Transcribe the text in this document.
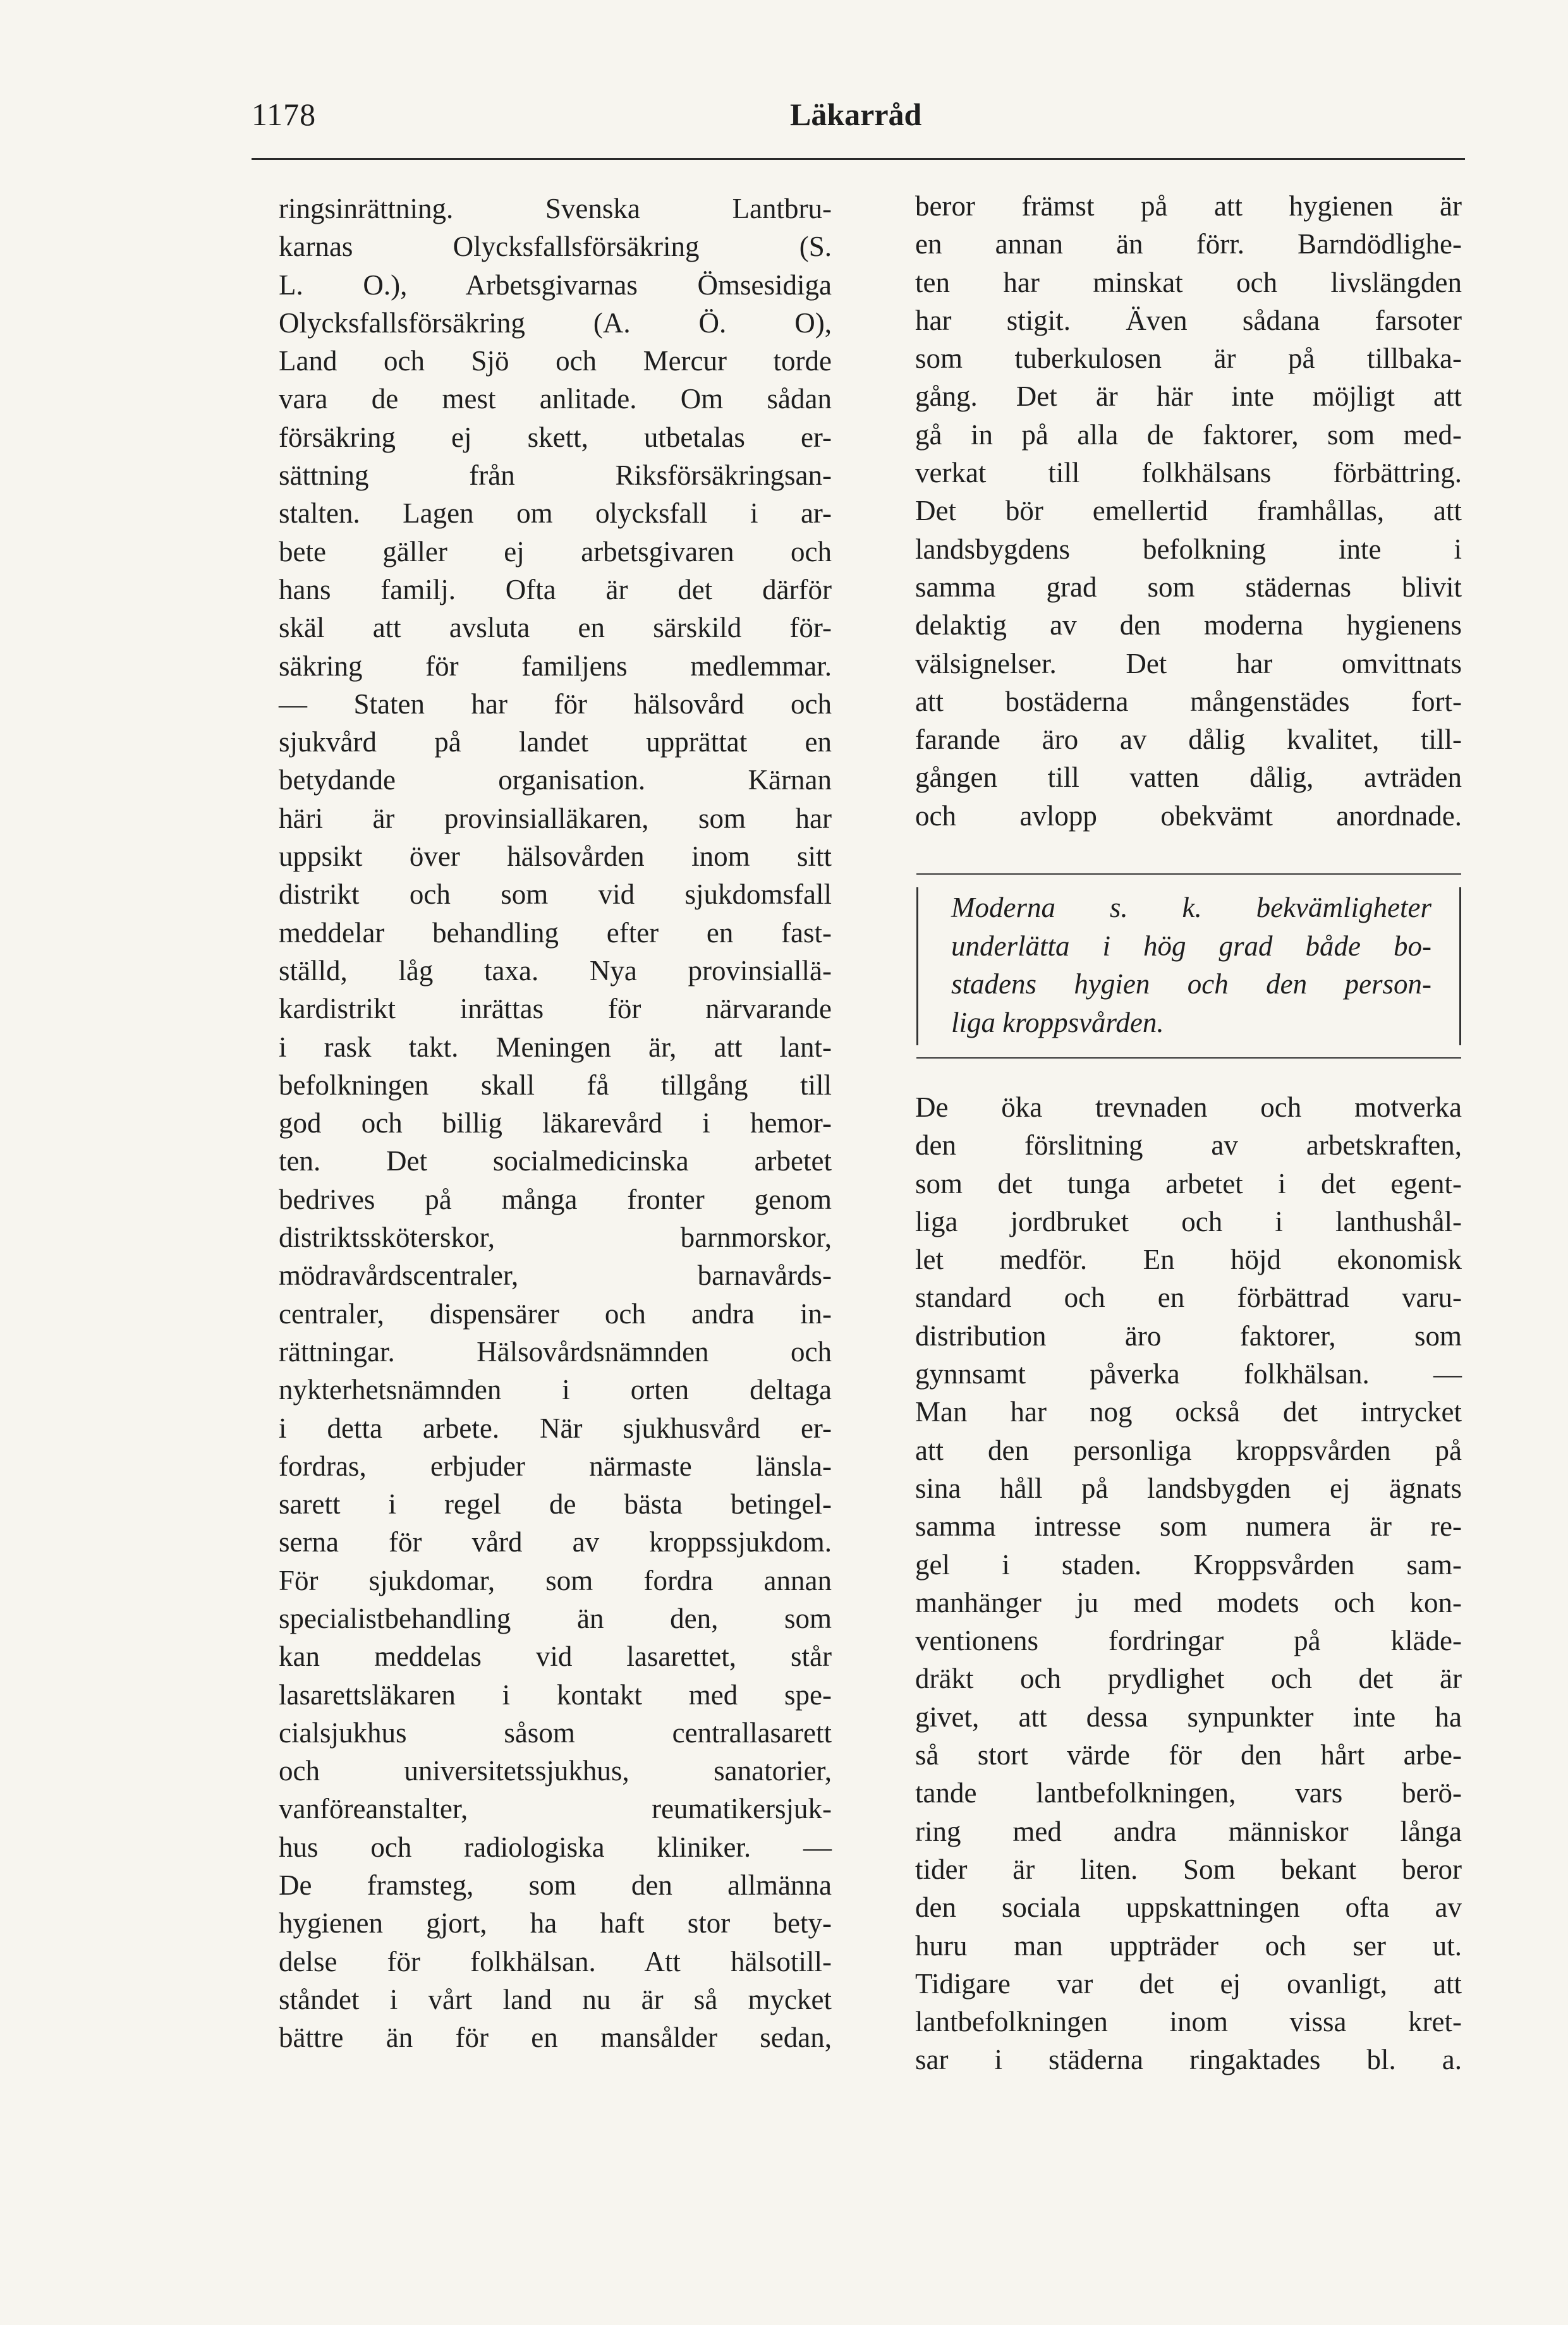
1178	Läkarråd
ringsinrättning. Svenska Lantbru-
karnas Olycksfallsförsäkring (S.
L. O.), Arbetsgivarnas Ömsesidiga
Olycksfallsförsäkring (A. Ö. O),
Land och Sjö och Mercur torde
vara de mest anlitade. Om sådan
försäkring ej skett, utbetalas er-
sättning från Riksförsäkringsan-
stalten. Lagen om olycksfall i ar-
bete gäller ej arbetsgivaren och
hans familj. Ofta är det därför
skäl att avsluta en särskild för-
säkring för familjens medlemmar.
— Staten har för hälsovård och
sjukvård på landet upprättat en
betydande organisation. Kärnan
häri är provinsialläkaren, som har
uppsikt över hälsovården inom sitt
distrikt och som vid sjukdomsfall
meddelar behandling efter en fast-
ställd, låg taxa. Nya provinsiallä-
kardistrikt inrättas för närvarande
i rask takt. Meningen är, att lant-
befolkningen skall få tillgång till
god och billig läkarevård i hemor-
ten. Det socialmedicinska arbetet
bedrives på många fronter genom
distriktssköterskor, barnmorskor,
mödravårdscentraler, barnavårds-
centraler, dispensärer och andra in-
rättningar. Hälsovårdsnämnden och
nykterhetsnämnden i orten deltaga
i detta arbete. När sjukhusvård er-
fordras, erbjuder närmaste länsla-
sarett i regel de bästa betingel-
serna för vård av kroppssjukdom.
För sjukdomar, som fordra annan
specialistbehandling än den, som
kan meddelas vid lasarettet, står
lasarettsläkaren i kontakt med spe-
cialsjukhus såsom centrallasarett
och universitetssjukhus, sanatorier,
vanföreanstalter, reumatikersjuk-
hus och radiologiska kliniker. —
De framsteg, som den allmänna
hygienen gjort, ha haft stor bety-
delse för folkhälsan. Att hälsotill-
ståndet i vårt land nu är så mycket
bättre än för en mansålder sedan,
beror främst på att hygienen är
en annan än förr. Barndödlighe-
ten har minskat och livslängden
har stigit. Även sådana farsoter
som tuberkulosen är på tillbaka-
gång. Det är här inte möjligt att
gå in på alla de faktorer, som med-
verkat till folkhälsans förbättring.
Det bör emellertid framhållas, att
landsbygdens befolkning inte i
samma grad som städernas blivit
delaktig av den moderna hygienens
välsignelser. Det har omvittnats
att bostäderna mångenstädes fort-
farande äro av dålig kvalitet, till-
gången till vatten dålig, avträden
och avlopp obekvämt anordnade.
Moderna s. k. bekvämligheter
underlätta i hög grad både bo-
stadens hygien och den person-
liga kroppsvården.
De öka trevnaden och motverka
den förslitning av arbetskraften,
som det tunga arbetet i det egent-
liga jordbruket och i lanthushål-
let medför. En höjd ekonomisk
standard och en förbättrad varu-
distribution äro faktorer, som
gynnsamt påverka folkhälsan. —
Man har nog också det intrycket
att den personliga kroppsvården på
sina håll på landsbygden ej ägnats
samma intresse som numera är re-
gel i staden. Kroppsvården sam-
manhänger ju med modets och kon-
ventionens fordringar på kläde-
dräkt och prydlighet och det är
givet, att dessa synpunkter inte ha
så stort värde för den hårt arbe-
tande lantbefolkningen, vars berö-
ring med andra människor långa
tider är liten. Som bekant beror
den sociala uppskattningen ofta av
huru man uppträder och ser ut.
Tidigare var det ej ovanligt, att
lantbefolkningen inom vissa kret-
sar i städerna ringaktades bl. a.
